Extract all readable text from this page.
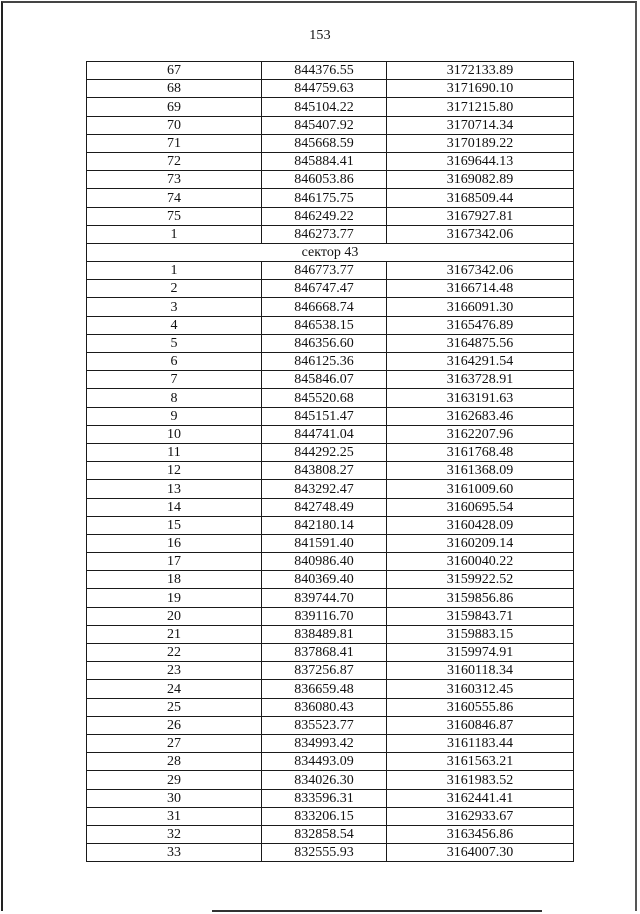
153
67	844376.55	3172133.89
68	844759.63	3171690.10
69	845104.22	3171215.80
70	845407.92	3170714.34
71	845668.59	3170189.22
72	845884.41	3169644.13
73	846053.86	3169082.89
74	846175.75	3168509.44
75	846249.22	3167927.81
1	846273.77	3167342.06
сектор 43		
1	846773.77	3167342.06
2	846747.47	3166714.48
3	846668.74	3166091.30
4	846538.15	3165476.89
5	846356.60	3164875.56
6	846125.36	3164291.54
7	845846.07	3163728.91
8	845520.68	3163191.63
9	845151.47	3162683.46
10	844741.04	3162207.96
11	844292.25	3161768.48
12	843808.27	3161368.09
13	843292.47	3161009.60
14	842748.49	3160695.54
15	842180.14	3160428.09
16	841591.40	3160209.14
17	840986.40	3160040.22
18	840369.40	3159922.52
19	839744.70	3159856.86
20	839116.70	3159843.71
21	838489.81	3159883.15
22	837868.41	3159974.91
23	837256.87	3160118.34
24	836659.48	3160312.45
25	836080.43	3160555.86
26	835523.77	3160846.87
27	834993.42	3161183.44
28	834493.09	3161563.21
29	834026.30	3161983.52
30	833596.31	3162441.41
31	833206.15	3162933.67
32	832858.54	3163456.86
33	832555.93	3164007.30
